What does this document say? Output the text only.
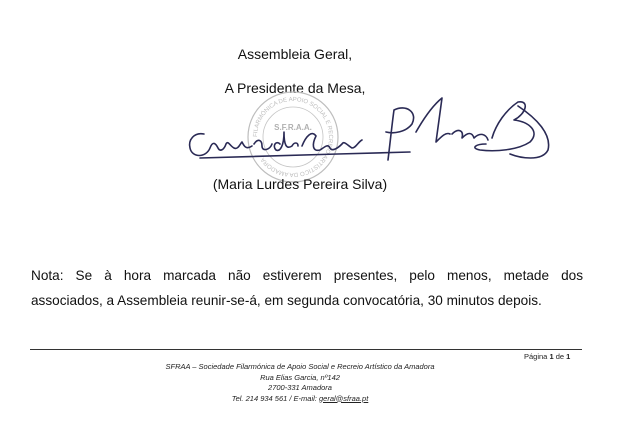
Assembleia Geral,
A Presidente da Mesa,
FILARMÓNICA DE APOIO SOCIAL E RECREIO ARTÍSTICO DA AMADORA
S.F.R.A.A.
(Maria Lurdes Pereira Silva)
Nota: Se à hora marcada não estiverem presentes, pelo menos, metade dos
associados, a Assembleia reunir-se-á, em segunda convocatória, 30 minutos depois.
Página 1 de 1
SFRAA – Sociedade Filarmónica de Apoio Social e Recreio Artístico da Amadora
Rua Elias Garcia, nº142
2700-331 Amadora
Tel. 214 934 561 / E-mail: geral@sfraa.pt
